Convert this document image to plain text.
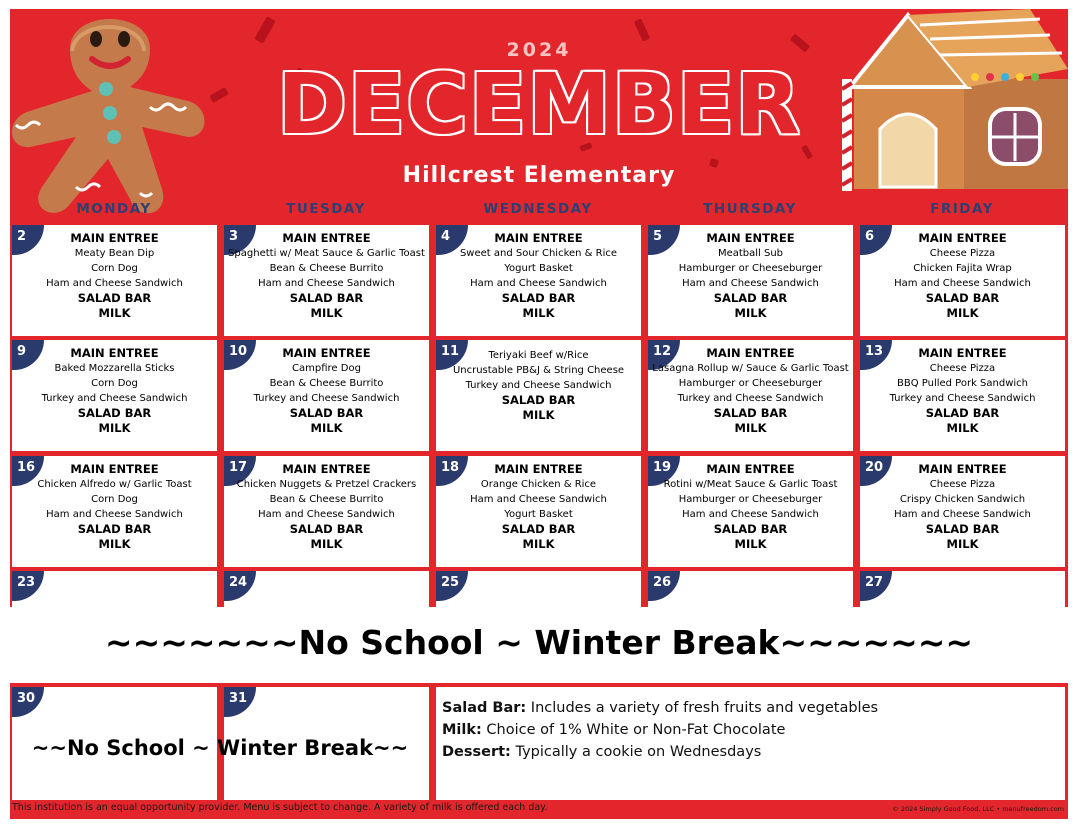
2024
DECEMBER
Hillcrest Elementary
MONDAY	TUESDAY	WEDNESDAY	THURSDAY	FRIDAY
2	MAIN ENTREE
Meaty Bean Dip
Corn Dog
Ham and Cheese Sandwich
SALAD BAR
MILK
3	MAIN ENTREE
Spaghetti w/ Meat Sauce & Garlic Toast
Bean & Cheese Burrito
Ham and Cheese Sandwich
SALAD BAR
MILK
4	MAIN ENTREE
Sweet and Sour Chicken & Rice
Yogurt Basket
Ham and Cheese Sandwich
SALAD BAR
MILK
5	MAIN ENTREE
Meatball Sub
Hamburger or Cheeseburger
Ham and Cheese Sandwich
SALAD BAR
MILK
6	MAIN ENTREE
Cheese Pizza
Chicken Fajita Wrap
Ham and Cheese Sandwich
SALAD BAR
MILK
9	MAIN ENTREE
Baked Mozzarella Sticks
Corn Dog
Turkey and Cheese Sandwich
SALAD BAR
MILK
10	MAIN ENTREE
Campfire Dog
Bean & Cheese Burrito
Turkey and Cheese Sandwich
SALAD BAR
MILK
11	Teriyaki Beef w/Rice
Uncrustable PB&J & String Cheese
Turkey and Cheese Sandwich
SALAD BAR
MILK
12	MAIN ENTREE
Lasagna Rollup w/ Sauce & Garlic Toast
Hamburger or Cheeseburger
Turkey and Cheese Sandwich
SALAD BAR
MILK
13	MAIN ENTREE
Cheese Pizza
BBQ Pulled Pork Sandwich
Turkey and Cheese Sandwich
SALAD BAR
MILK
16	MAIN ENTREE
Chicken Alfredo w/ Garlic Toast
Corn Dog
Ham and Cheese Sandwich
SALAD BAR
MILK
17	MAIN ENTREE
Chicken Nuggets & Pretzel Crackers
Bean & Cheese Burrito
Ham and Cheese Sandwich
SALAD BAR
MILK
18	MAIN ENTREE
Orange Chicken & Rice
Ham and Cheese Sandwich
Yogurt Basket
SALAD BAR
MILK
19	MAIN ENTREE
Rotini w/Meat Sauce & Garlic Toast
Hamburger or Cheeseburger
Ham and Cheese Sandwich
SALAD BAR
MILK
20	MAIN ENTREE
Cheese Pizza
Crispy Chicken Sandwich
Ham and Cheese Sandwich
SALAD BAR
MILK
23	24	25	26	27
~~~~~~~No School ~ Winter Break~~~~~~~
30	31
~~No School ~ Winter Break~~
Salad Bar: Includes a variety of fresh fruits and vegetables
Milk: Choice of 1% White or Non-Fat Chocolate
Dessert: Typically a cookie on Wednesdays
This institution is an equal opportunity provider. Menu is subject to change. A variety of milk is offered each day.	© 2024 Simply Good Food, LLC • menufreedom.com
